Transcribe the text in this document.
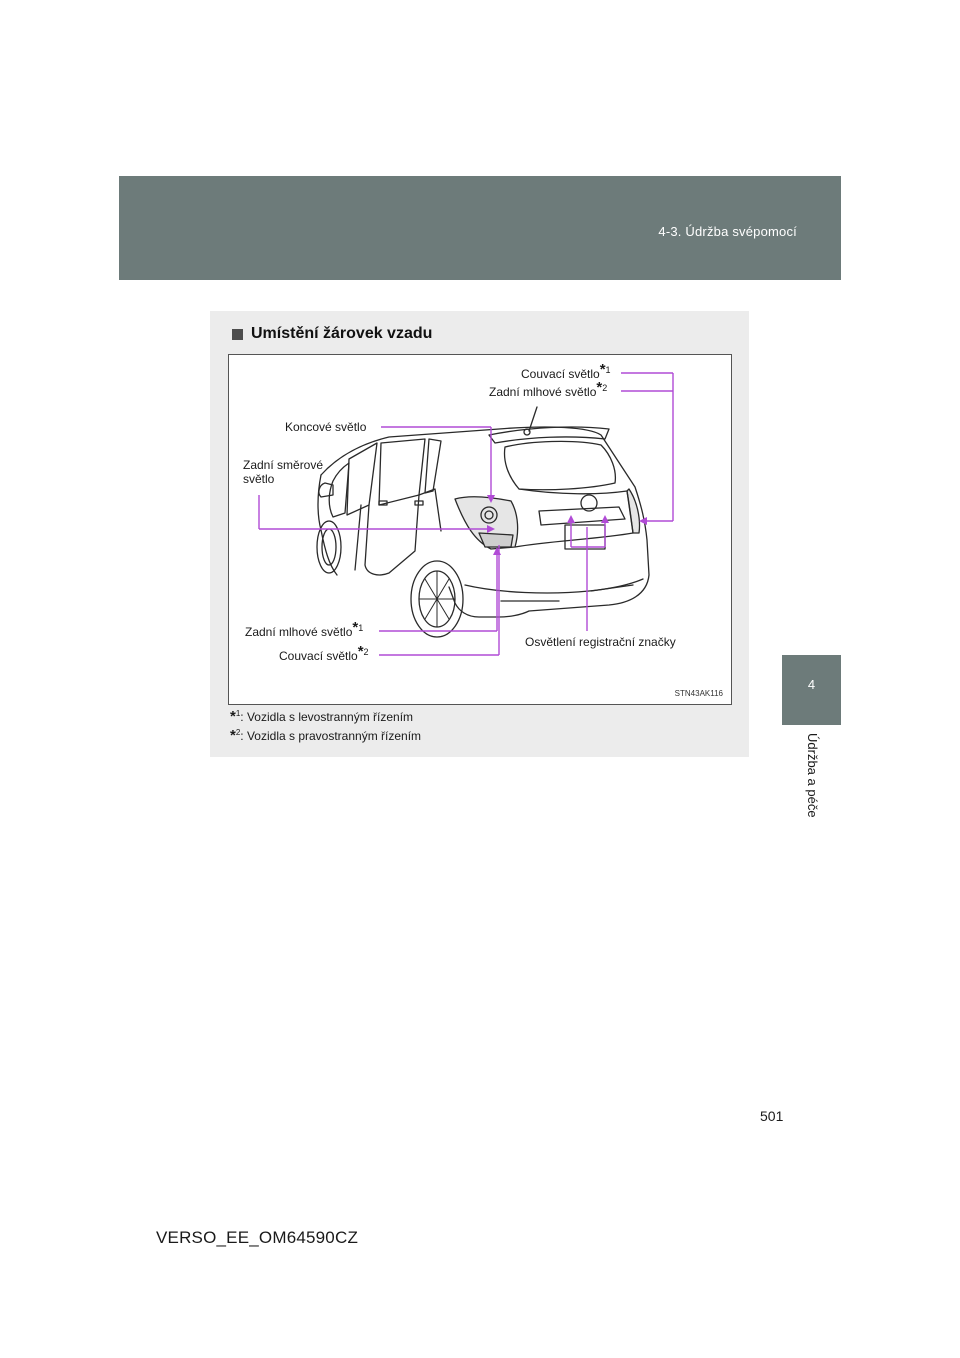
4-3. Údržba svépomocí
4
Údržba a péče
Umístění žárovek vzadu
Couvací světlo*$^1$
Zadní mlhové světlo*$^2$
Koncové světlo
Zadní směrové
světlo
Zadní mlhové světlo*$^1$
Couvací světlo*$^2$
Osvětlení registrační značky
STN43AK116
*$^1$: Vozidla s levostranným řízením
*$^2$: Vozidla s pravostranným řízením
501
VERSO_EE_OM64590CZ
